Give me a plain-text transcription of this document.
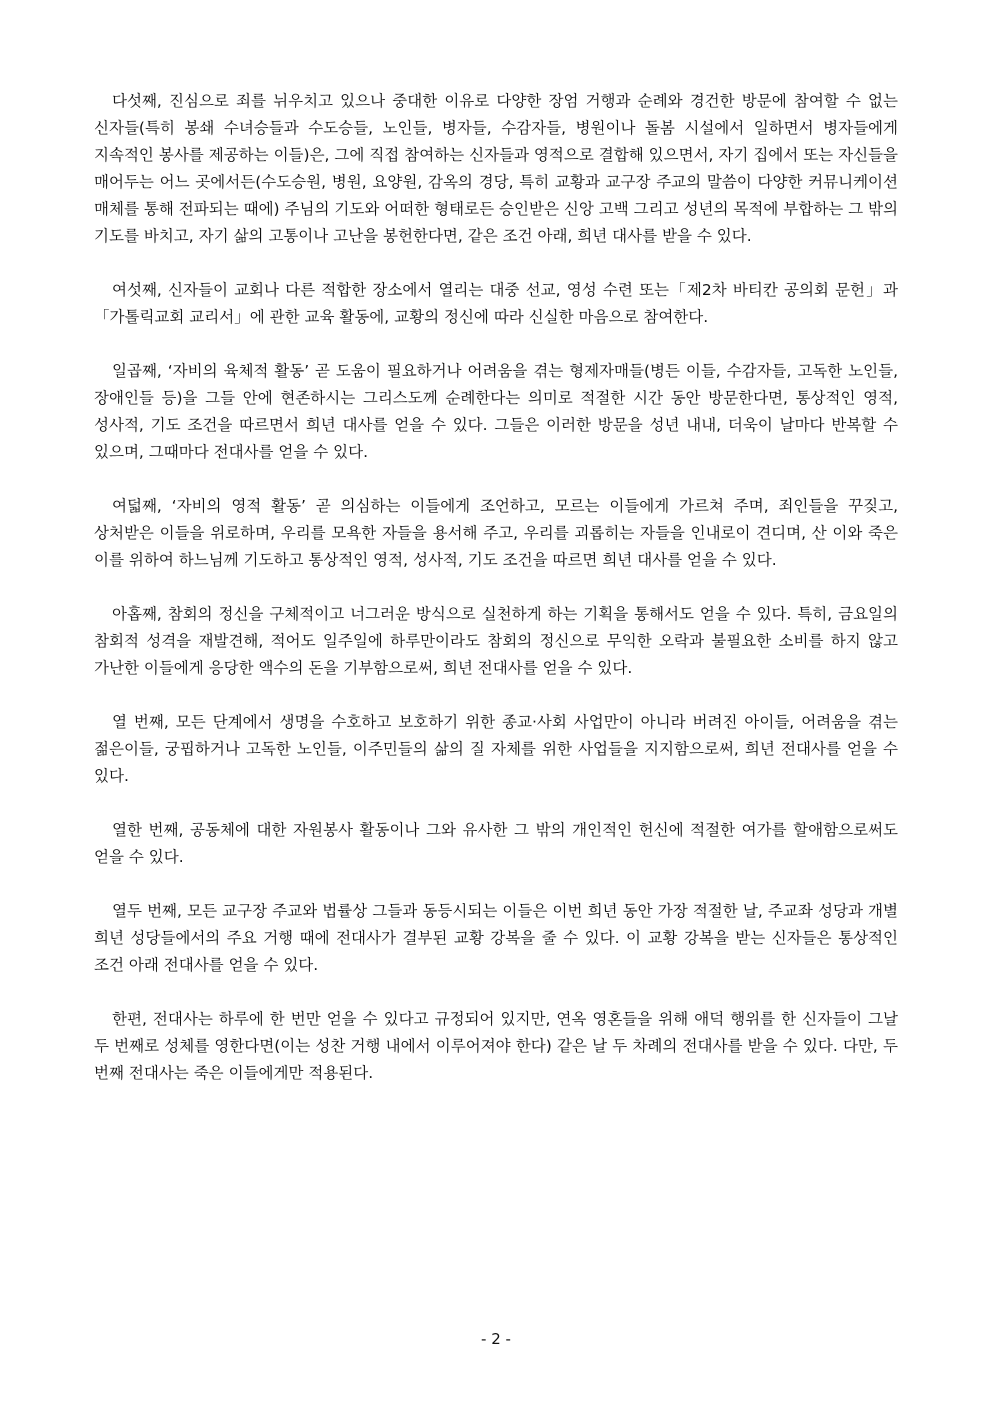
다섯째, 진심으로 죄를 뉘우치고 있으나 중대한 이유로 다양한 장엄 거행과 순례와 경건한 방문에 참여할 수 없는 신자들(특히 봉쇄 수녀승들과 수도승들, 노인들, 병자들, 수감자들, 병원이나 돌봄 시설에서 일하면서 병자들에게 지속적인 봉사를 제공하는 이들)은, 그에 직접 참여하는 신자들과 영적으로 결합해 있으면서, 자기 집에서 또는 자신들을 매어두는 어느 곳에서든(수도승원, 병원, 요양원, 감옥의 경당, 특히 교황과 교구장 주교의 말씀이 다양한 커뮤니케이션 매체를 통해 전파되는 때에) 주님의 기도와 어떠한 형태로든 승인받은 신앙 고백 그리고 성년의 목적에 부합하는 그 밖의 기도를 바치고, 자기 삶의 고통이나 고난을 봉헌한다면, 같은 조건 아래, 희년 대사를 받을 수 있다.

여섯째, 신자들이 교회나 다른 적합한 장소에서 열리는 대중 선교, 영성 수련 또는「제2차 바티칸 공의회 문헌」과「가톨릭교회 교리서」에 관한 교육 활동에, 교황의 정신에 따라 신실한 마음으로 참여한다.

일곱째, ‘자비의 육체적 활동’ 곧 도움이 필요하거나 어려움을 겪는 형제자매들(병든 이들, 수감자들, 고독한 노인들, 장애인들 등)을 그들 안에 현존하시는 그리스도께 순례한다는 의미로 적절한 시간 동안 방문한다면, 통상적인 영적, 성사적, 기도 조건을 따르면서 희년 대사를 얻을 수 있다. 그들은 이러한 방문을 성년 내내, 더욱이 날마다 반복할 수 있으며, 그때마다 전대사를 얻을 수 있다.

여덟째, ‘자비의 영적 활동’ 곧 의심하는 이들에게 조언하고, 모르는 이들에게 가르쳐 주며, 죄인들을 꾸짖고, 상처받은 이들을 위로하며, 우리를 모욕한 자들을 용서해 주고, 우리를 괴롭히는 자들을 인내로이 견디며, 산 이와 죽은 이를 위하여 하느님께 기도하고 통상적인 영적, 성사적, 기도 조건을 따르면 희년 대사를 얻을 수 있다.

아홉째, 참회의 정신을 구체적이고 너그러운 방식으로 실천하게 하는 기획을 통해서도 얻을 수 있다. 특히, 금요일의 참회적 성격을 재발견해, 적어도 일주일에 하루만이라도 참회의 정신으로 무익한 오락과 불필요한 소비를 하지 않고 가난한 이들에게 응당한 액수의 돈을 기부함으로써, 희년 전대사를 얻을 수 있다.

열 번째, 모든 단계에서 생명을 수호하고 보호하기 위한 종교·사회 사업만이 아니라 버려진 아이들, 어려움을 겪는 젊은이들, 궁핍하거나 고독한 노인들, 이주민들의 삶의 질 자체를 위한 사업들을 지지함으로써, 희년 전대사를 얻을 수 있다.

열한 번째, 공동체에 대한 자원봉사 활동이나 그와 유사한 그 밖의 개인적인 헌신에 적절한 여가를 할애함으로써도 얻을 수 있다.

열두 번째, 모든 교구장 주교와 법률상 그들과 동등시되는 이들은 이번 희년 동안 가장 적절한 날, 주교좌 성당과 개별 희년 성당들에서의 주요 거행 때에 전대사가 결부된 교황 강복을 줄 수 있다. 이 교황 강복을 받는 신자들은 통상적인 조건 아래 전대사를 얻을 수 있다.

한편, 전대사는 하루에 한 번만 얻을 수 있다고 규정되어 있지만, 연옥 영혼들을 위해 애덕 행위를 한 신자들이 그날 두 번째로 성체를 영한다면(이는 성찬 거행 내에서 이루어져야 한다) 같은 날 두 차례의 전대사를 받을 수 있다. 다만, 두 번째 전대사는 죽은 이들에게만 적용된다.

- 2 -
